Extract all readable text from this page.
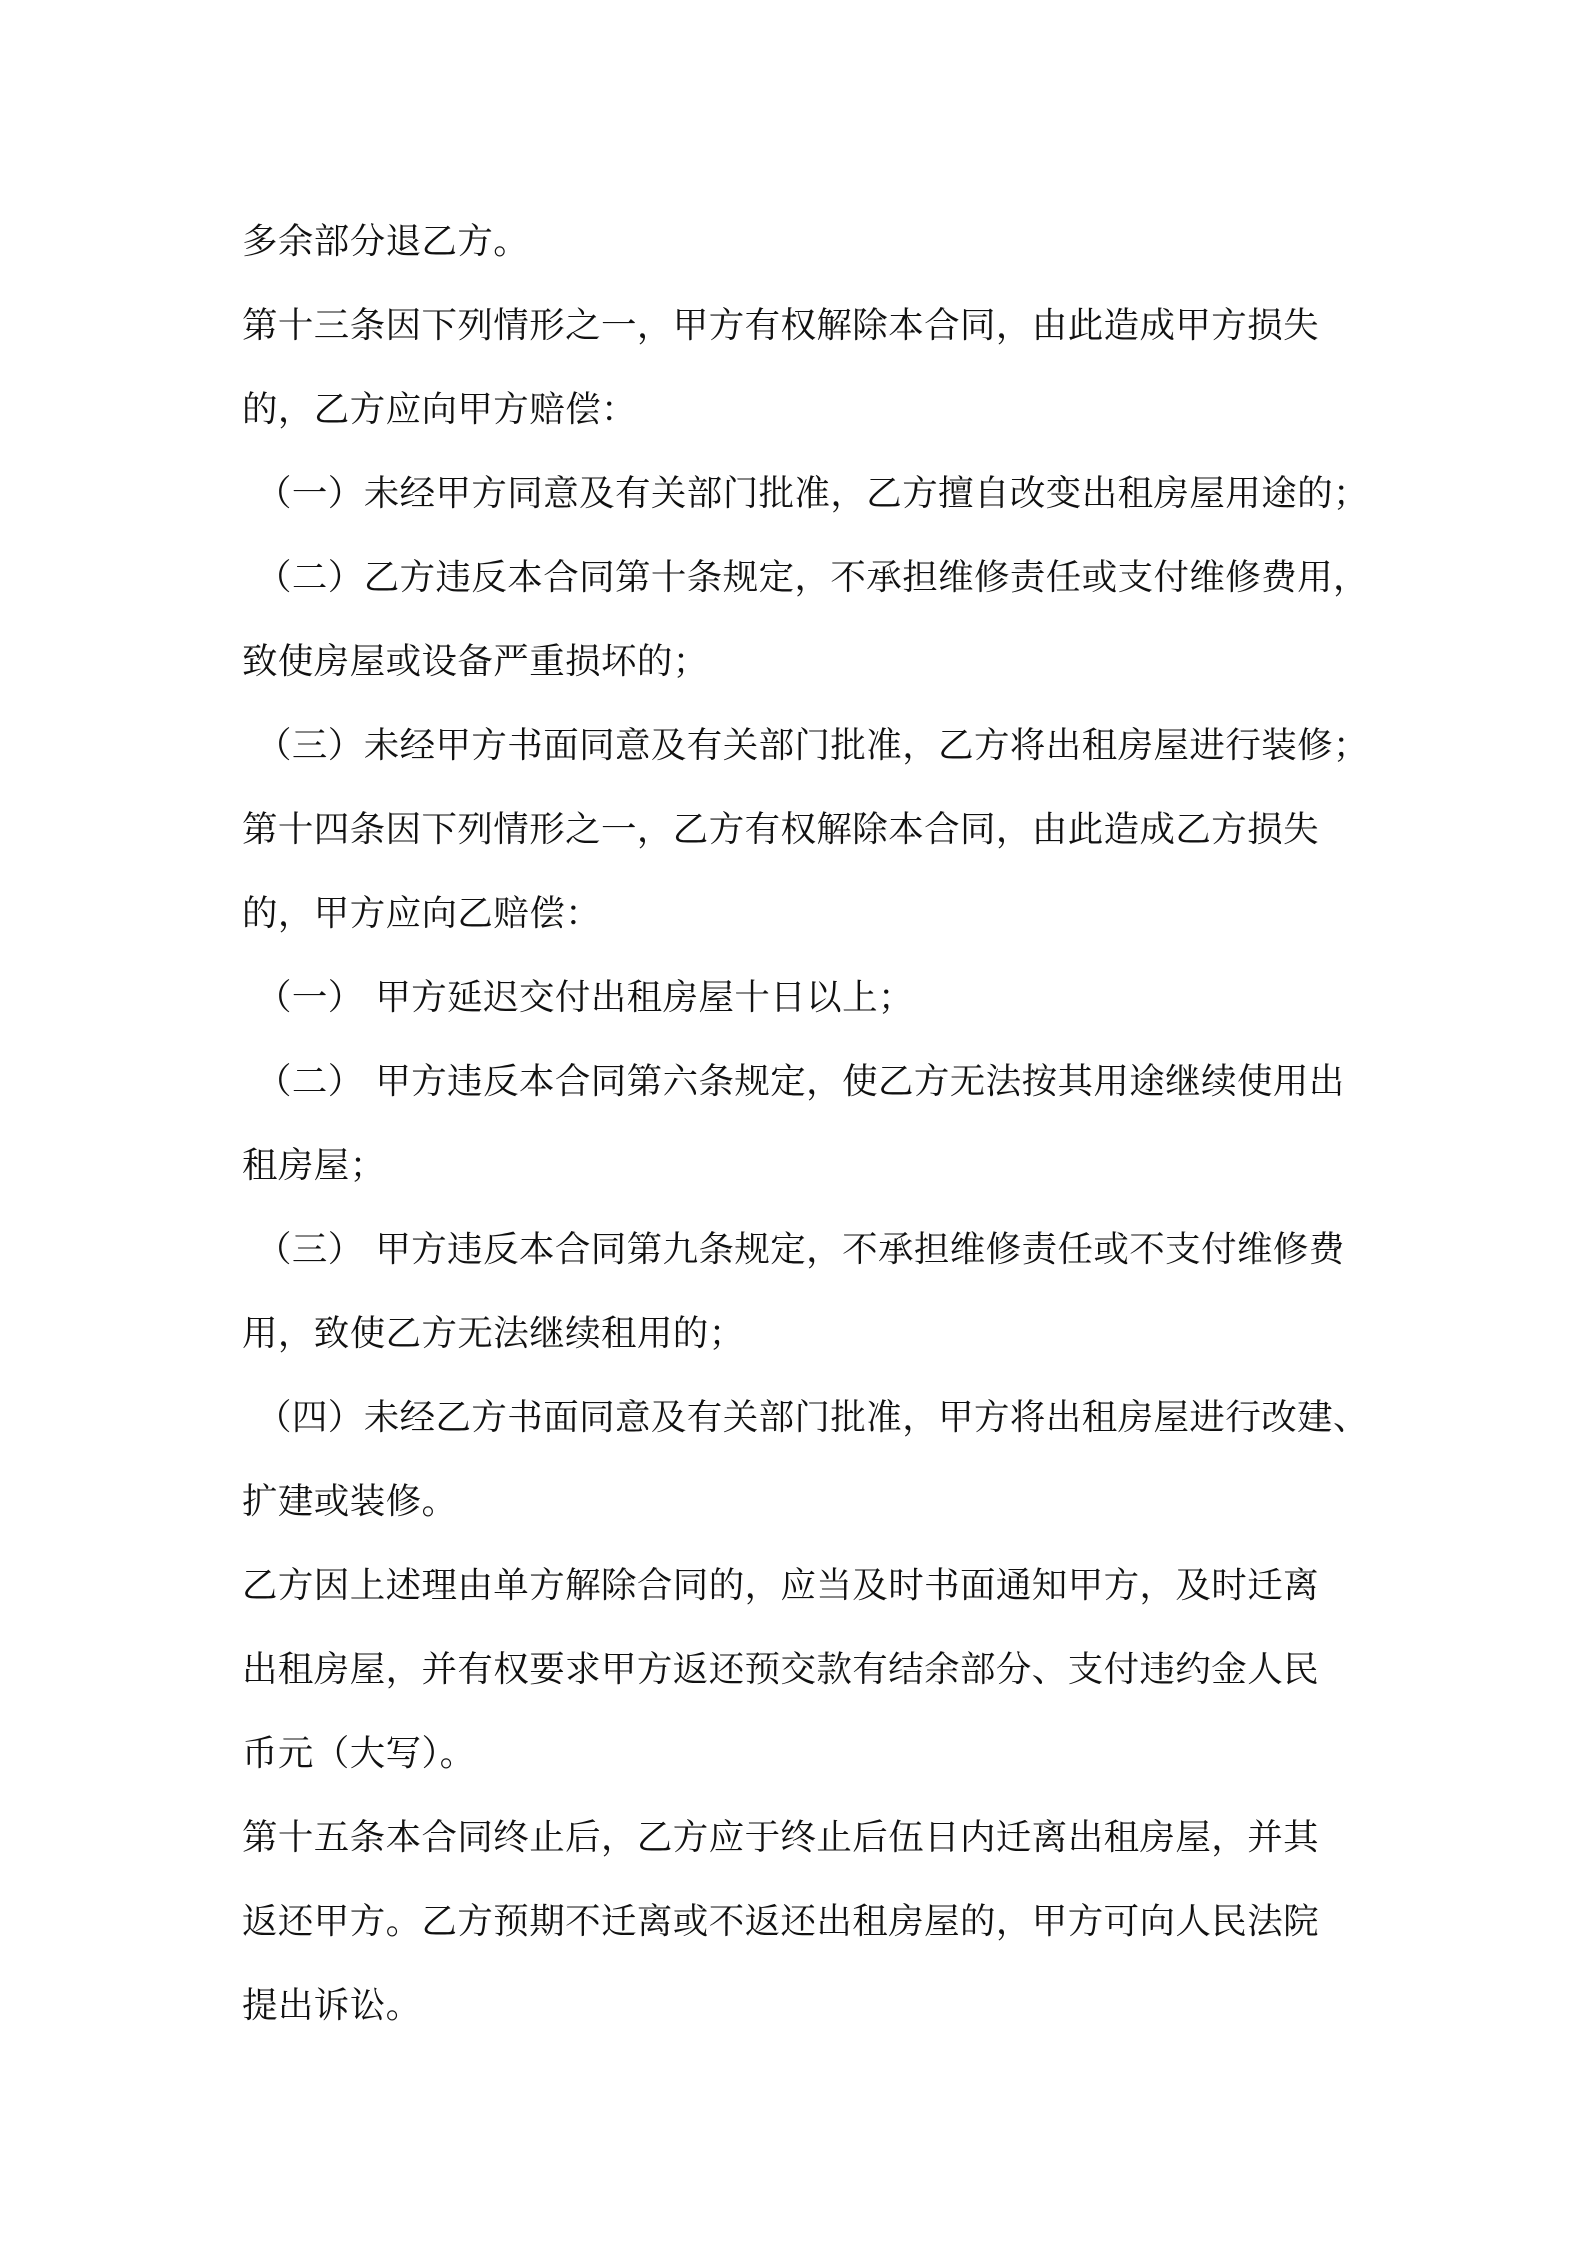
多余部分退乙方。
第十三条因下列情形之一，甲方有权解除本合同，由此造成甲方损失
的，乙方应向甲方赔偿：
（一）未经甲方同意及有关部门批准，乙方擅自改变出租房屋用途的；
（二）乙方违反本合同第十条规定，不承担维修责任或支付维修费用，
致使房屋或设备严重损坏的；
（三）未经甲方书面同意及有关部门批准，乙方将出租房屋进行装修；
第十四条因下列情形之一，乙方有权解除本合同，由此造成乙方损失
的，甲方应向乙赔偿：
（一） 甲方延迟交付出租房屋十日以上；
（二） 甲方违反本合同第六条规定，使乙方无法按其用途继续使用出
租房屋；
（三） 甲方违反本合同第九条规定，不承担维修责任或不支付维修费
用，致使乙方无法继续租用的；
（四）未经乙方书面同意及有关部门批准，甲方将出租房屋进行改建、
扩建或装修。
乙方因上述理由单方解除合同的，应当及时书面通知甲方，及时迁离
出租房屋，并有权要求甲方返还预交款有结余部分、支付违约金人民
币元（大写）。
第十五条本合同终止后，乙方应于终止后伍日内迁离出租房屋，并其
返还甲方。乙方预期不迁离或不返还出租房屋的，甲方可向人民法院
提出诉讼。
